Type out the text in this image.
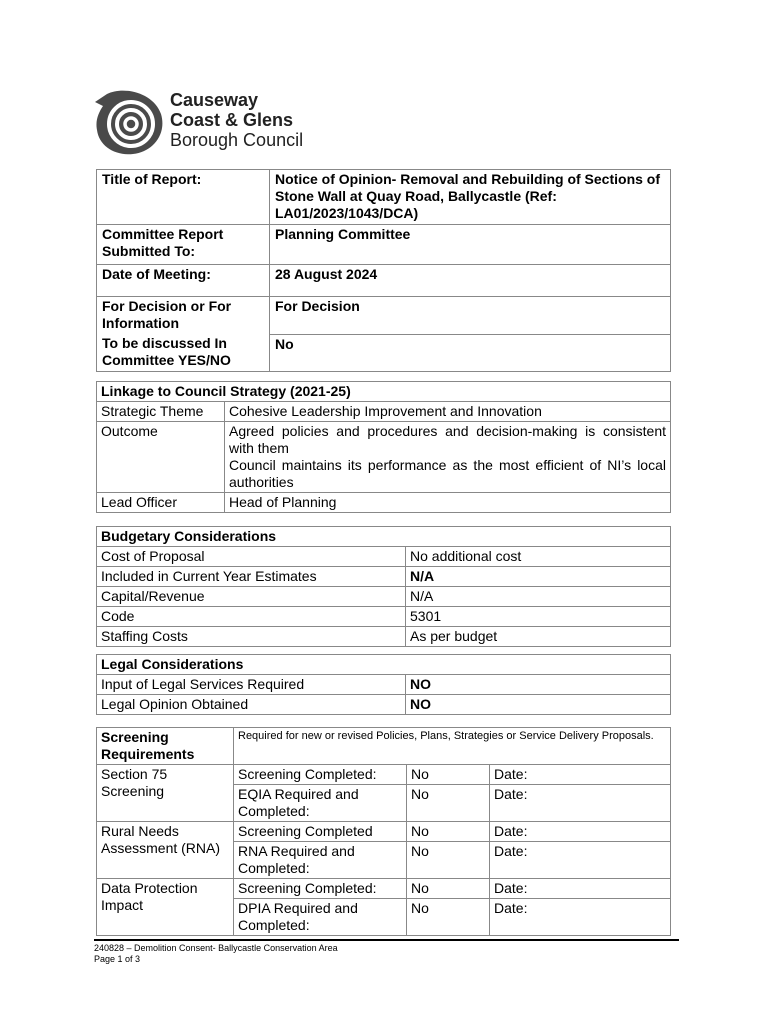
Causeway
Coast & Glens
Borough Council
Title of Report:	Notice of Opinion- Removal and Rebuilding of Sections of Stone Wall at Quay Road, Ballycastle (Ref: LA01/2023/1043/DCA)
Committee Report Submitted To:	Planning Committee
Date of Meeting:	28 August 2024
For Decision or For Information	For Decision
To be discussed In Committee YES/NO	No
Linkage to Council Strategy (2021-25)	
Strategic Theme	Cohesive Leadership Improvement and Innovation
Outcome	Agreed policies and procedures and decision-making is consistent with them
Council maintains its performance as the most efficient of NI’s local authorities

Lead Officer	Head of Planning
Budgetary Considerations	
Cost of Proposal	No additional cost
Included in Current Year Estimates	N/A
Capital/Revenue	N/A
Code	5301
Staffing Costs	As per budget
Legal Considerations	
Input of Legal Services Required	NO
Legal Opinion Obtained	NO
Screening Requirements	Required for new or revised Policies, Plans, Strategies or Service Delivery Proposals.		
Section 75 Screening	Screening Completed:	No	Date:
	EQIA Required and Completed:	No	Date:
Rural Needs Assessment (RNA)	Screening Completed	No	Date:
	RNA Required and Completed:	No	Date:
Data Protection Impact	Screening Completed:	No	Date:
	DPIA Required and Completed:	No	Date:
240828 – Demolition Consent- Ballycastle Conservation Area
Page 1 of 3
